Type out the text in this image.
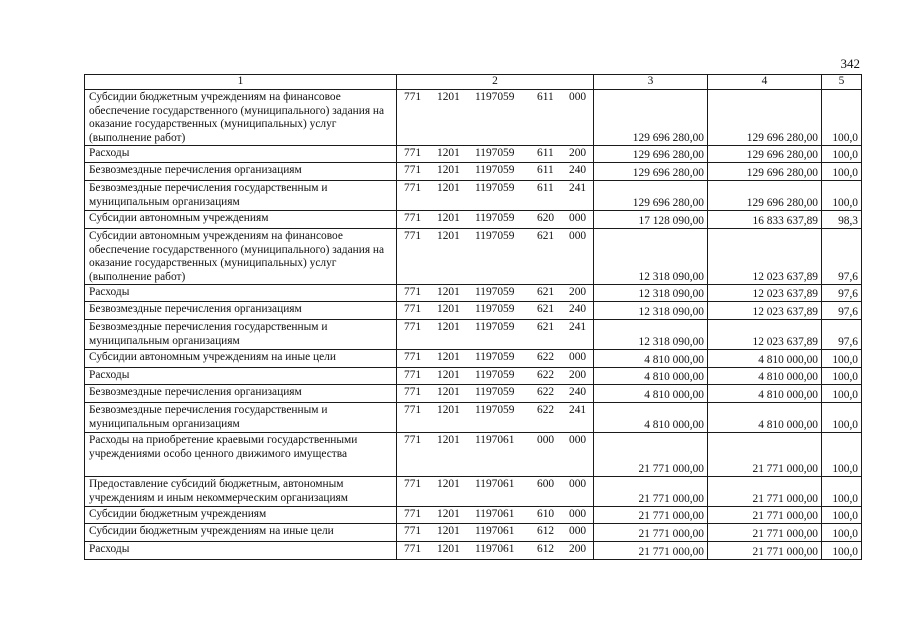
342
1	2	3	4	5
Субсидии бюджетным учреждениям на финансовое обеспечение государственного (муниципального) задания на оказание государственных (муниципальных) услуг (выполнение работ)	771 1201 1197059 611 000	129 696 280,00	129 696 280,00	100,0
Расходы	771 1201 1197059 611 200	129 696 280,00	129 696 280,00	100,0
Безвозмездные перечисления организациям	771 1201 1197059 611 240	129 696 280,00	129 696 280,00	100,0
Безвозмездные перечисления государственным и муниципальным организациям	771 1201 1197059 611 241	129 696 280,00	129 696 280,00	100,0
Субсидии автономным учреждениям	771 1201 1197059 620 000	17 128 090,00	16 833 637,89	98,3
Субсидии автономным учреждениям на финансовое обеспечение государственного (муниципального) задания на оказание государственных (муниципальных) услуг (выполнение работ)	771 1201 1197059 621 000	12 318 090,00	12 023 637,89	97,6
Расходы	771 1201 1197059 621 200	12 318 090,00	12 023 637,89	97,6
Безвозмездные перечисления организациям	771 1201 1197059 621 240	12 318 090,00	12 023 637,89	97,6
Безвозмездные перечисления государственным и муниципальным организациям	771 1201 1197059 621 241	12 318 090,00	12 023 637,89	97,6
Субсидии автономным учреждениям на иные цели	771 1201 1197059 622 000	4 810 000,00	4 810 000,00	100,0
Расходы	771 1201 1197059 622 200	4 810 000,00	4 810 000,00	100,0
Безвозмездные перечисления организациям	771 1201 1197059 622 240	4 810 000,00	4 810 000,00	100,0
Безвозмездные перечисления государственным и муниципальным организациям	771 1201 1197059 622 241	4 810 000,00	4 810 000,00	100,0
Расходы на приобретение краевыми государственными учреждениями особо ценного движимого имущества	771 1201 1197061 000 000	21 771 000,00	21 771 000,00	100,0
Предоставление субсидий бюджетным, автономным учреждениям и иным некоммерческим организациям	771 1201 1197061 600 000	21 771 000,00	21 771 000,00	100,0
Субсидии бюджетным учреждениям	771 1201 1197061 610 000	21 771 000,00	21 771 000,00	100,0
Субсидии бюджетным учреждениям на иные цели	771 1201 1197061 612 000	21 771 000,00	21 771 000,00	100,0
Расходы	771 1201 1197061 612 200	21 771 000,00	21 771 000,00	100,0
